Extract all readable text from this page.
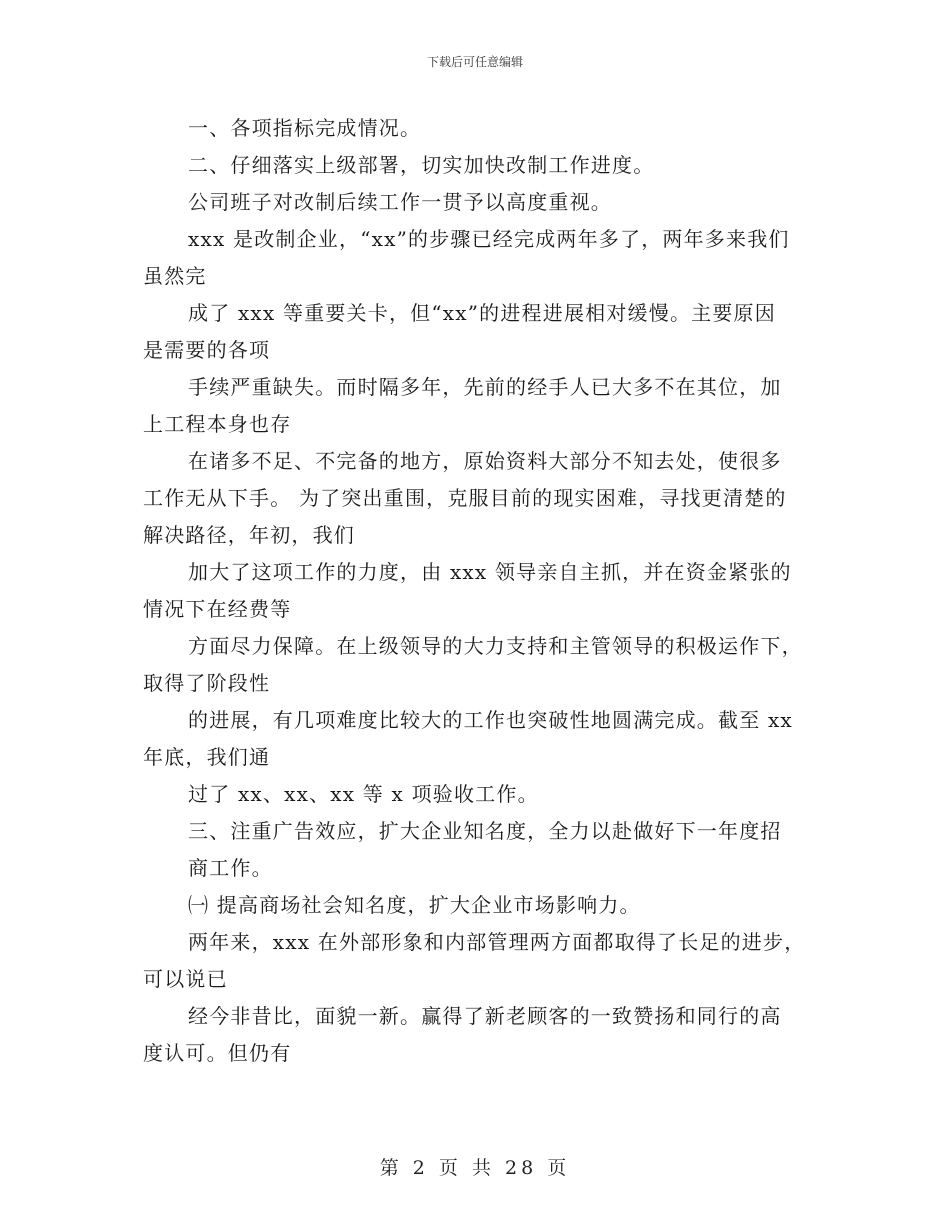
下载后可任意编辑
一、各项指标完成情况。
二、仔细落实上级部署，切实加快改制工作进度。
公司班子对改制后续工作一贯予以高度重视。
xxx 是改制企业，“xx”的步骤已经完成两年多了，两年多来我们
虽然完
成了 xxx 等重要关卡，但“xx”的进程进展相对缓慢。主要原因
是需要的各项
手续严重缺失。而时隔多年，先前的经手人已大多不在其位，加
上工程本身也存
在诸多不足、不完备的地方，原始资料大部分不知去处，使很多
工作无从下手。 为了突出重围，克服目前的现实困难，寻找更清楚的
解决路径，年初，我们
加大了这项工作的力度，由 xxx 领导亲自主抓，并在资金紧张的
情况下在经费等
方面尽力保障。在上级领导的大力支持和主管领导的积极运作下，
取得了阶段性
的进展，有几项难度比较大的工作也突破性地圆满完成。截至 xx
年底，我们通
过了 xx、xx、xx 等 x 项验收工作。
三、注重广告效应，扩大企业知名度，全力以赴做好下一年度招
商工作。
㈠ 提高商场社会知名度，扩大企业市场影响力。
两年来，xxx 在外部形象和内部管理两方面都取得了长足的进步，
可以说已
经今非昔比，面貌一新。赢得了新老顾客的一致赞扬和同行的高
度认可。但仍有
第 2 页 共 28 页
